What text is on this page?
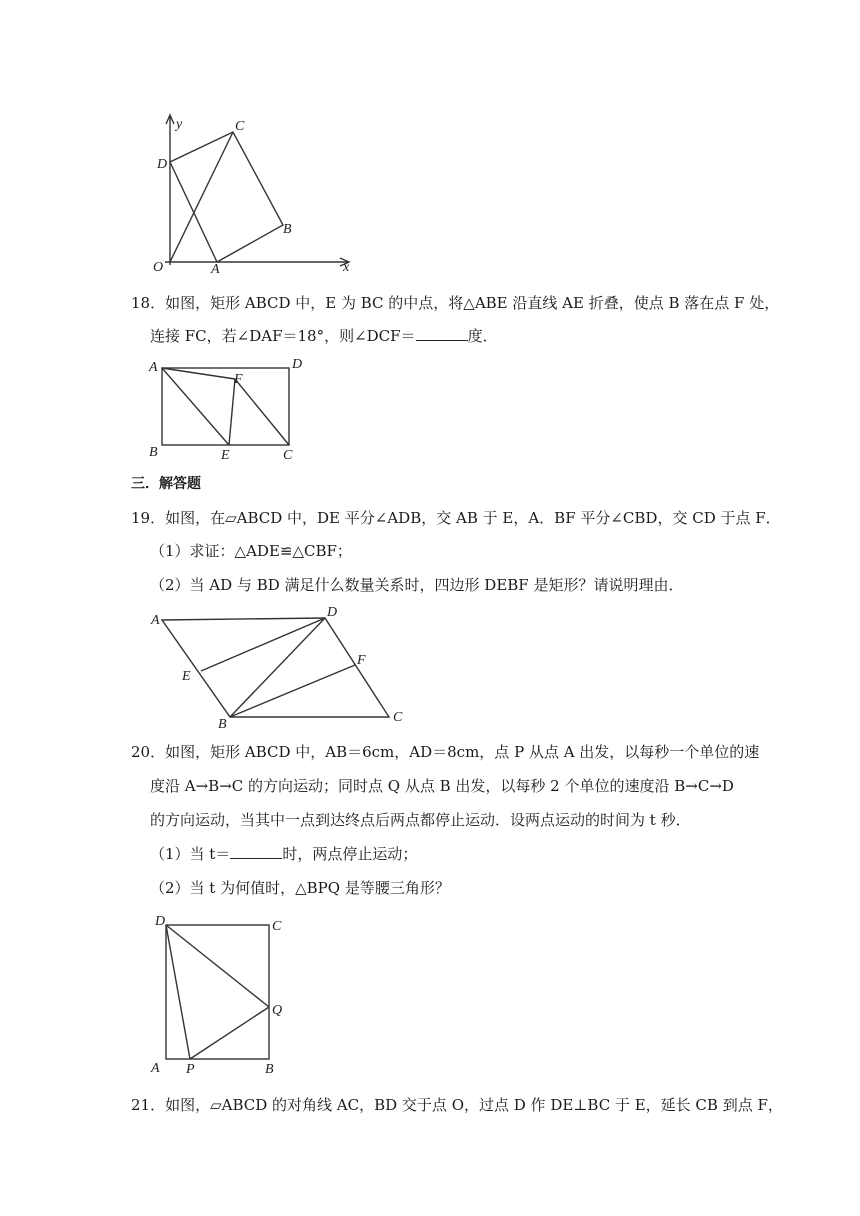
y
x
O	A
B
C
D
18．如图，矩形 ABCD 中，E 为 BC 的中点，将△ABE 沿直线 AE 折叠，使点 B 落在点 F 处，
连接 FC，若∠DAF＝18°，则∠DCF＝	度．
A
B	C
D
E
F
三．解答题
19．如图，在▱ABCD 中，DE 平分∠ADB，交 AB 于 E，A．BF 平分∠CBD，交 CD 于点 F．
（1）求证：△ADE≌△CBF；
（2）当 AD 与 BD 满足什么数量关系时，四边形 DEBF 是矩形？请说明理由．
A
D
E
F
B	C
20．如图，矩形 ABCD 中，AB＝6cm，AD＝8cm，点 P 从点 A 出发，以每秒一个单位的速
度沿 A→B→C 的方向运动；同时点 Q 从点 B 出发，以每秒 2 个单位的速度沿 B→C→D
的方向运动，当其中一点到达终点后两点都停止运动．设两点运动的时间为 t 秒．
（1）当 t＝	时，两点停止运动；
（2）当 t 为何值时，△BPQ 是等腰三角形？
D	C
Q
A P	B
21．如图，▱ABCD 的对角线 AC，BD 交于点 O，过点 D 作 DE⊥BC 于 E，延长 CB 到点 F，
